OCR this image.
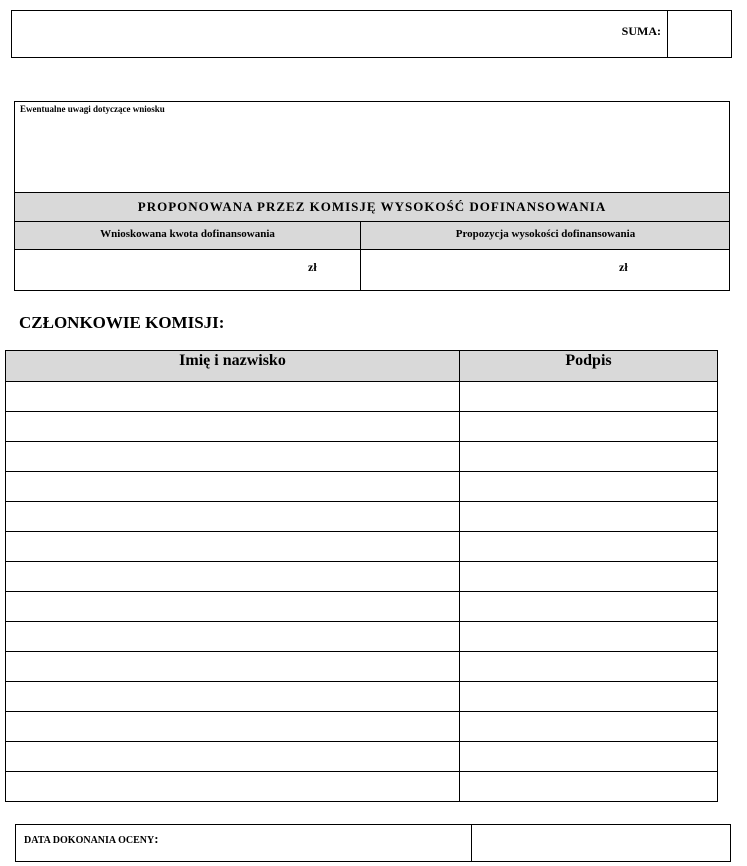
SUMA:
Ewentualne uwagi dotyczące wniosku
PROPONOWANA PRZEZ KOMISJĘ WYSOKOŚĆ DOFINANSOWANIA
Wnioskowana kwota dofinansowania	Propozycja wysokości dofinansowania
zł	zł
CZŁONKOWIE KOMISJI:
Imię i nazwisko	Podpis

DATA DOKONANIA OCENY:
